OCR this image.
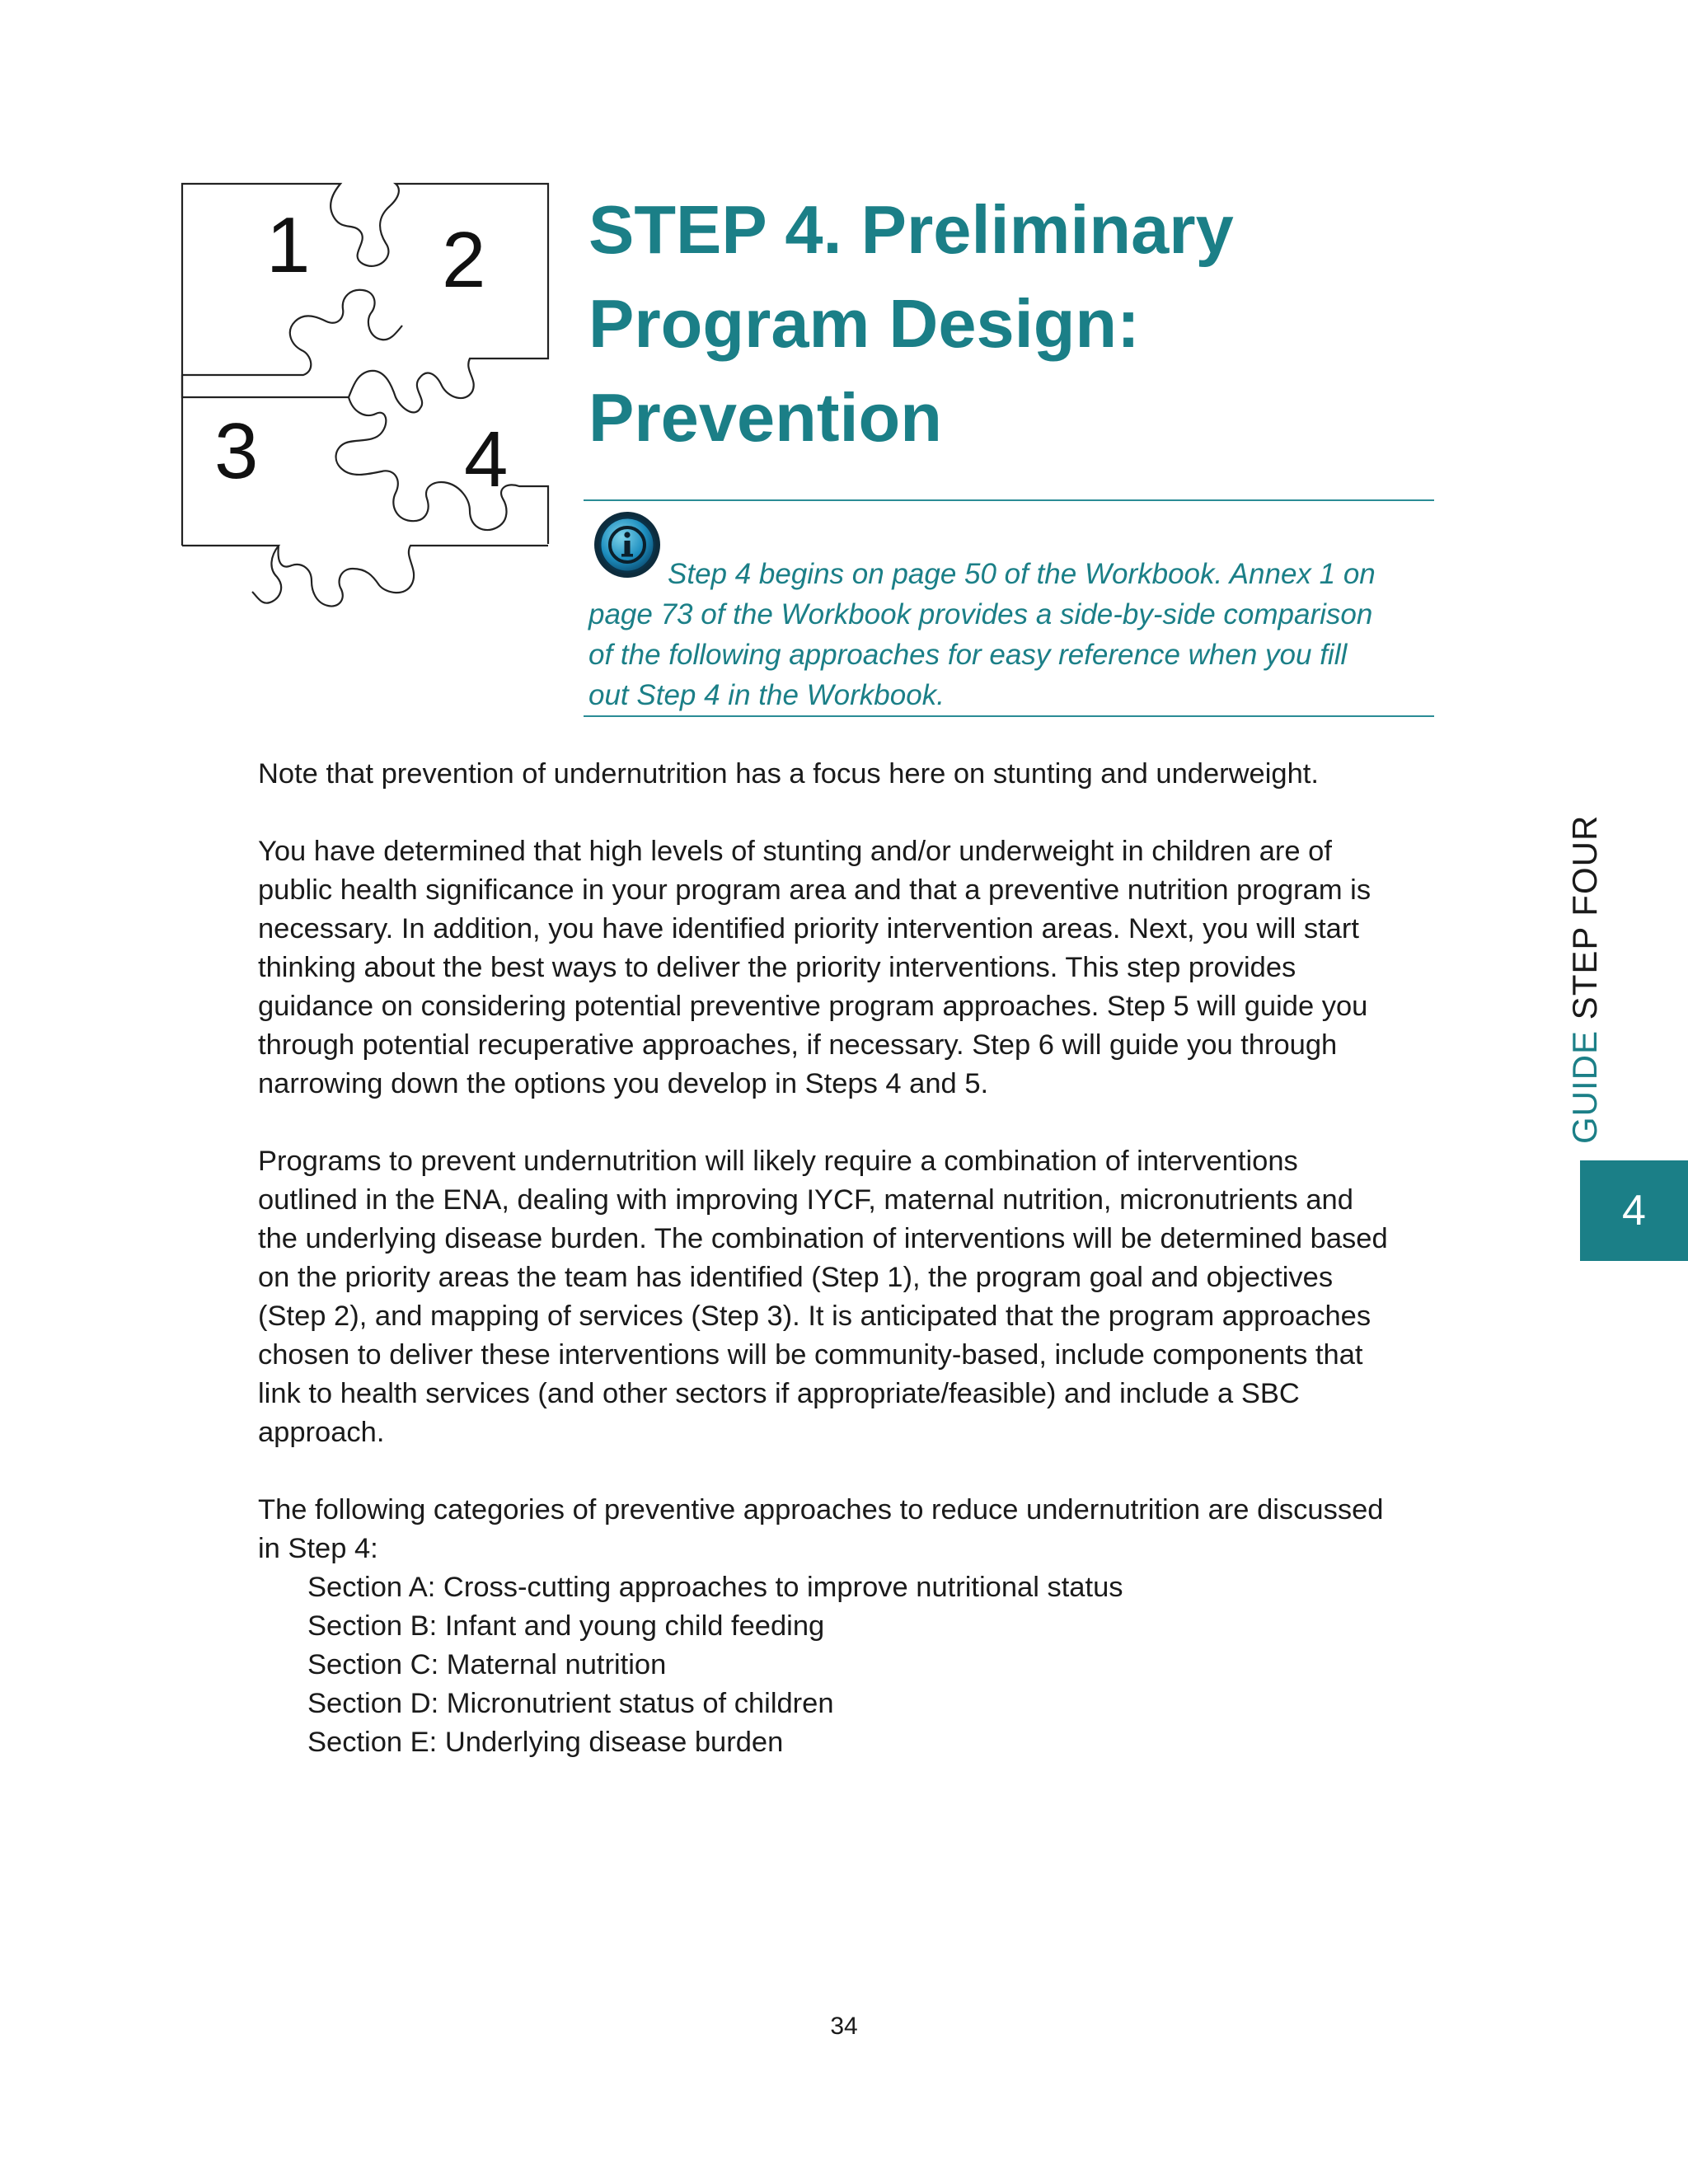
1 2
3	4
STEP 4. Preliminary
Program Design:
Prevention
Step 4 begins on page 50 of the Workbook. Annex 1 on
page 73 of the Workbook provides a side-by-side comparison
of the following approaches for easy reference when you fill
out Step 4 in the Workbook.

Note that prevention of undernutrition has a focus here on stunting and underweight.

You have determined that high levels of stunting and/or underweight in children are of
public health significance in your program area and that a preventive nutrition program is
necessary. In addition, you have identified priority intervention areas. Next, you will start
thinking about the best ways to deliver the priority interventions. This step provides
guidance on considering potential preventive program approaches. Step 5 will guide you
through potential recuperative approaches, if necessary. Step 6 will guide you through
narrowing down the options you develop in Steps 4 and 5.

Programs to prevent undernutrition will likely require a combination of interventions
outlined in the ENA, dealing with improving IYCF, maternal nutrition, micronutrients and
the underlying disease burden. The combination of interventions will be determined based
on the priority areas the team has identified (Step 1), the program goal and objectives
(Step 2), and mapping of services (Step 3). It is anticipated that the program approaches
chosen to deliver these interventions will be community-based, include components that
link to health services (and other sectors if appropriate/feasible) and include a SBC
approach.

The following categories of preventive approaches to reduce undernutrition are discussed
in Step 4:
Section A: Cross-cutting approaches to improve nutritional status
Section B: Infant and young child feeding
Section C: Maternal nutrition
Section D: Micronutrient status of children
Section E: Underlying disease burden
GUIDE STEP FOUR
4
34
